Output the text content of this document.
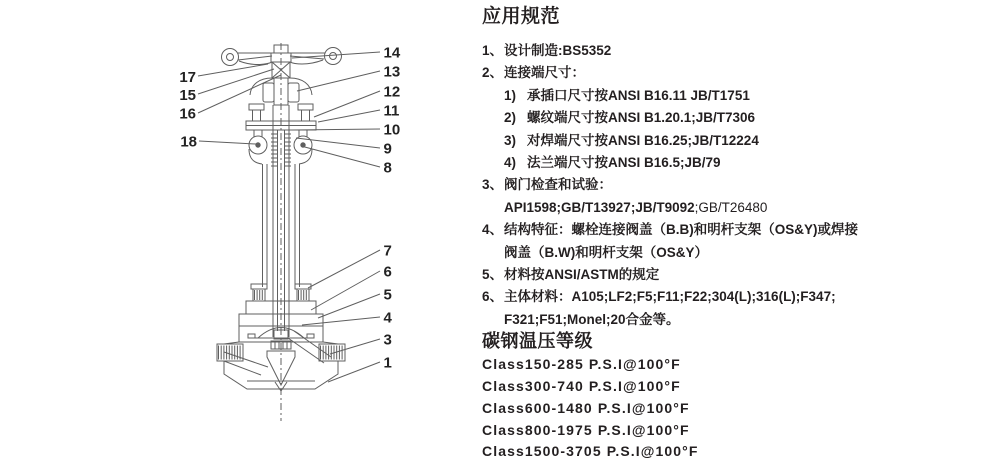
14
13
12
11
10
9
8
7
6
5
4
3
1
17
15
16
18
应用规范
1、设计制造:BS5352
2、连接端尺寸：
1) 承插口尺寸按ANSI B16.11 JB/T1751
2) 螺纹端尺寸按ANSI B1.20.1;JB/T7306
3) 对焊端尺寸按ANSI B16.25;JB/T12224
4) 法兰端尺寸按ANSI B16.5;JB/79
3、阀门检查和试验：
API1598;GB/T13927;JB/T9092;GB/T26480
4、结构特征：螺栓连接阀盖（B.B)和明杆支架（OS&Y)或焊接
阀盖（B.W)和明杆支架（OS&Y）
5、材料按ANSI/ASTM的规定
6、主体材料：A105;LF2;F5;F11;F22;304(L);316(L);F347;
F321;F51;Monel;20合金等。
碳钢温压等级
Class150-285 P.S.I@100°F
Class300-740 P.S.I@100°F
Class600-1480 P.S.I@100°F
Class800-1975 P.S.I@100°F
Class1500-3705 P.S.I@100°F
